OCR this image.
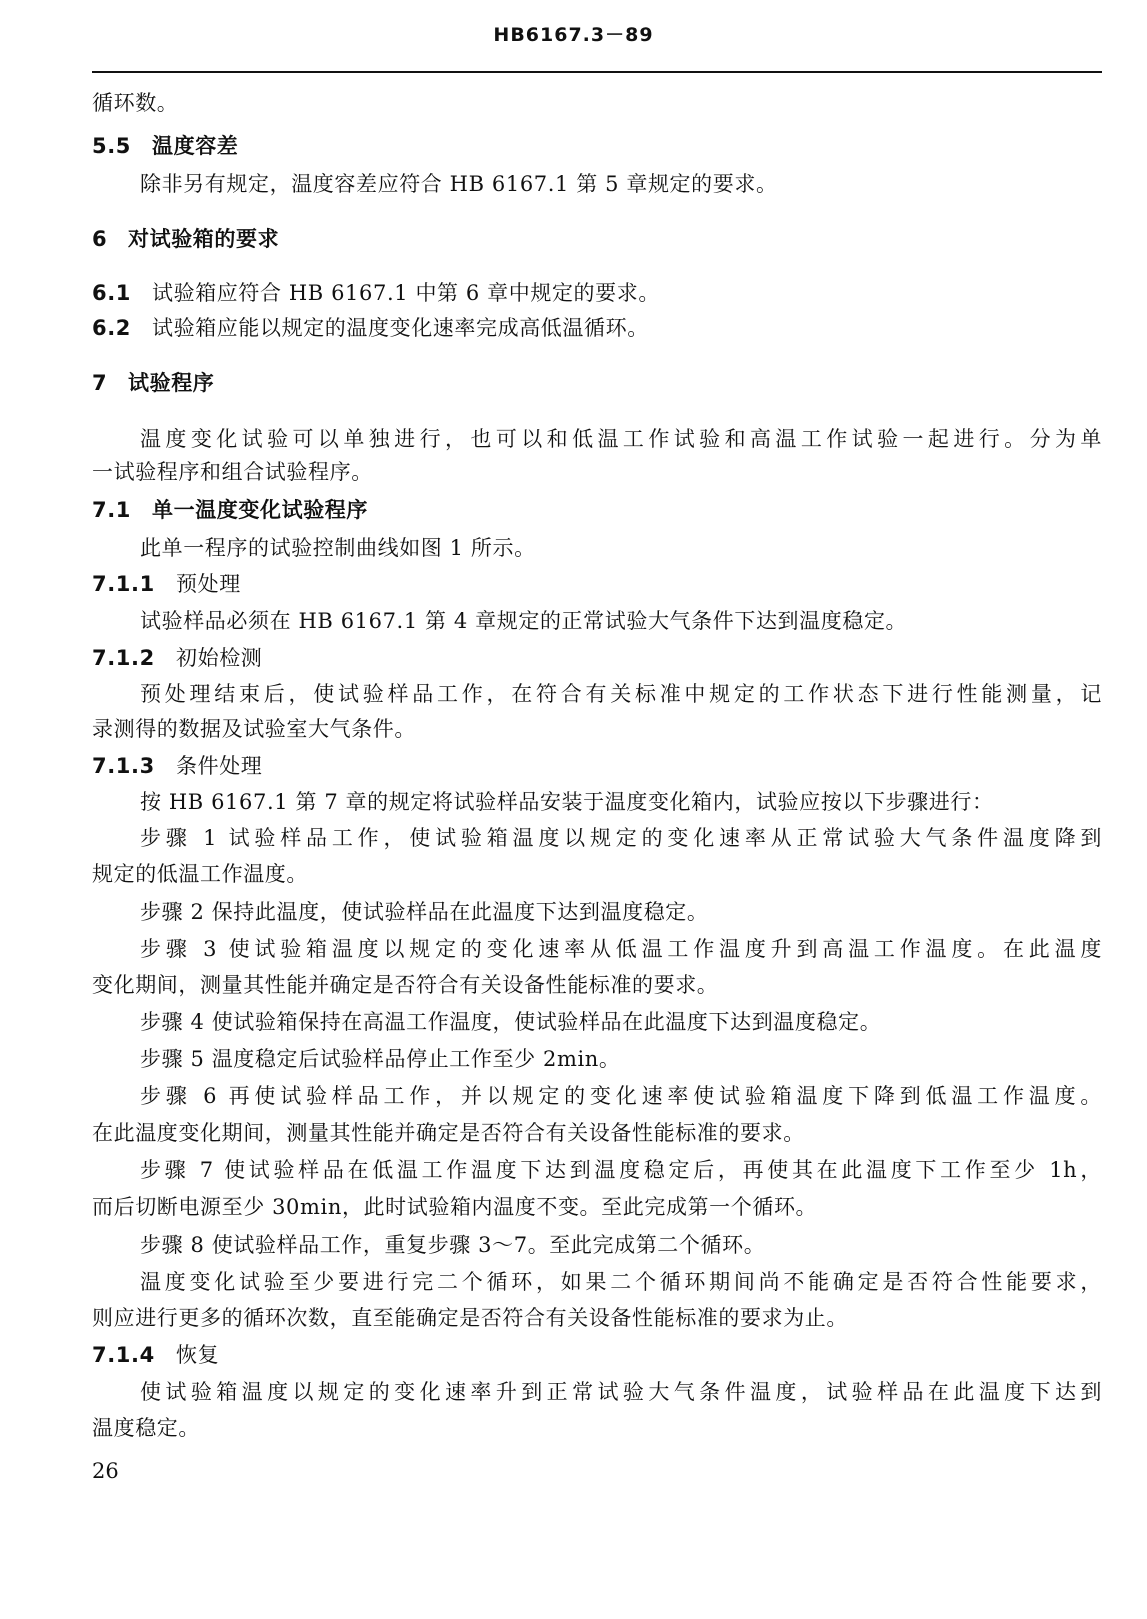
HB6167.3－89
循环数。
5.5 温度容差
除非另有规定，温度容差应符合 HB 6167.1 第 5 章规定的要求。
6 对试验箱的要求
6.1 试验箱应符合 HB 6167.1 中第 6 章中规定的要求。
6.2 试验箱应能以规定的温度变化速率完成高低温循环。
7 试验程序
温度变化试验可以单独进行，也可以和低温工作试验和高温工作试验一起进行。分为单
一试验程序和组合试验程序。
7.1 单一温度变化试验程序
此单一程序的试验控制曲线如图 1 所示。
7.1.1 预处理
试验样品必须在 HB 6167.1 第 4 章规定的正常试验大气条件下达到温度稳定。
7.1.2 初始检测
预处理结束后，使试验样品工作，在符合有关标准中规定的工作状态下进行性能测量，记
录测得的数据及试验室大气条件。
7.1.3 条件处理
按 HB 6167.1 第 7 章的规定将试验样品安装于温度变化箱内，试验应按以下步骤进行：
步骤 1 试验样品工作，使试验箱温度以规定的变化速率从正常试验大气条件温度降到
规定的低温工作温度。
步骤 2 保持此温度，使试验样品在此温度下达到温度稳定。
步骤 3 使试验箱温度以规定的变化速率从低温工作温度升到高温工作温度。在此温度
变化期间，测量其性能并确定是否符合有关设备性能标准的要求。
步骤 4 使试验箱保持在高温工作温度，使试验样品在此温度下达到温度稳定。
步骤 5 温度稳定后试验样品停止工作至少 2min。
步骤 6 再使试验样品工作，并以规定的变化速率使试验箱温度下降到低温工作温度。
在此温度变化期间，测量其性能并确定是否符合有关设备性能标准的要求。
步骤 7 使试验样品在低温工作温度下达到温度稳定后，再使其在此温度下工作至少 1h，
而后切断电源至少 30min，此时试验箱内温度不变。至此完成第一个循环。
步骤 8 使试验样品工作，重复步骤 3～7。至此完成第二个循环。
温度变化试验至少要进行完二个循环，如果二个循环期间尚不能确定是否符合性能要求，
则应进行更多的循环次数，直至能确定是否符合有关设备性能标准的要求为止。
7.1.4 恢复
使试验箱温度以规定的变化速率升到正常试验大气条件温度，试验样品在此温度下达到
温度稳定。
26
